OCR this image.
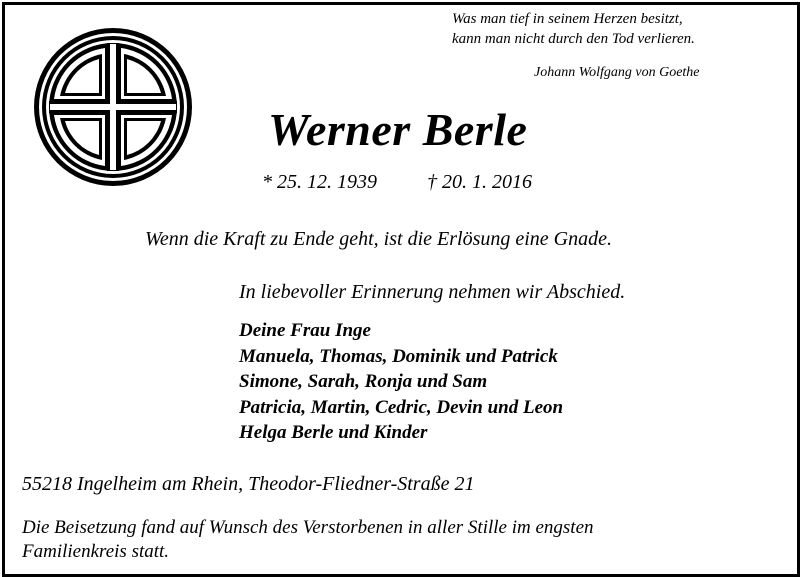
Was man tief in seinem Herzen besitzt,
kann man nicht durch den Tod verlieren.
Johann Wolfgang von Goethe
Werner Berle
* 25. 12. 1939	† 20. 1. 2016
Wenn die Kraft zu Ende geht, ist die Erlösung eine Gnade.
In liebevoller Erinnerung nehmen wir Abschied.
Deine Frau Inge
Manuela, Thomas, Dominik und Patrick
Simone, Sarah, Ronja und Sam
Patricia, Martin, Cedric, Devin und Leon
Helga Berle und Kinder
55218 Ingelheim am Rhein, Theodor-Fliedner-Straße 21
Die Beisetzung fand auf Wunsch des Verstorbenen in aller Stille im engsten
Familienkreis statt.
